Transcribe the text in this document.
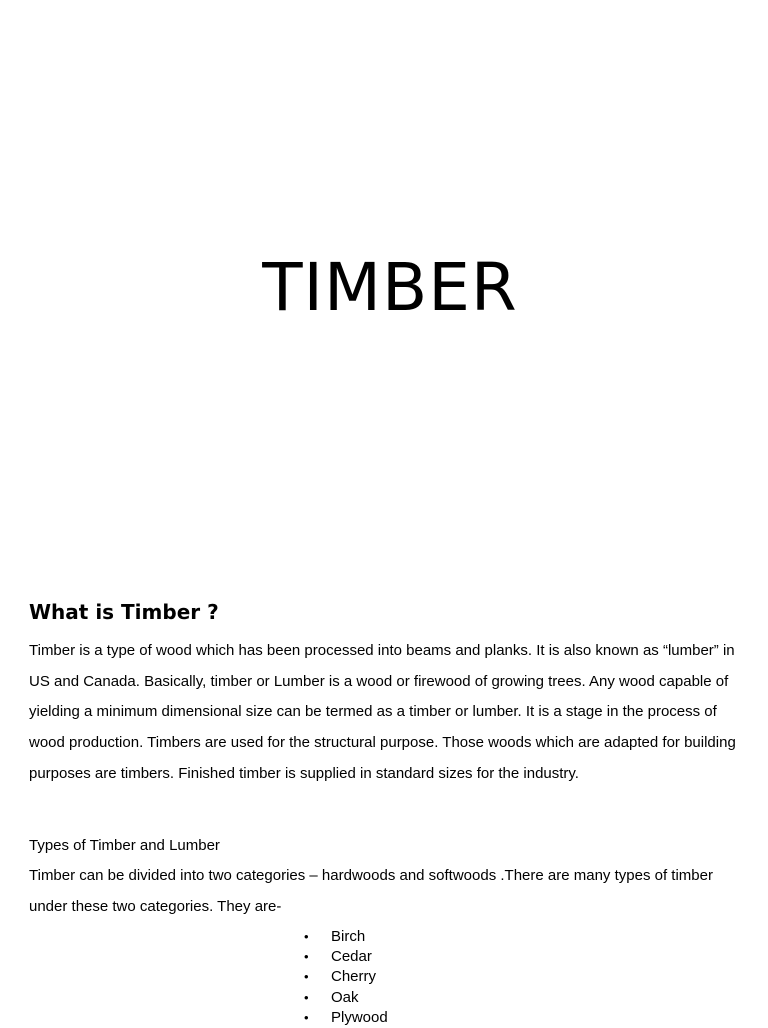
TIMBER
What is Timber ?

Timber is a type of wood which has been processed into beams and planks. It is also known as “lumber” in US and Canada. Basically, timber or Lumber is a wood or firewood of growing trees. Any wood capable of yielding a minimum dimensional size can be termed as a timber or lumber. It is a stage in the process of wood production. Timbers are used for the structural purpose. Those woods which are adapted for building purposes are timbers. Finished timber is supplied in standard sizes for the industry.

Types of Timber and Lumber

Timber can be divided into two categories – hardwoods and softwoods .There are many types of timber under these two categories. They are-

•	Birch
•	Cedar
•	Cherry
•	Oak
•	Plywood
